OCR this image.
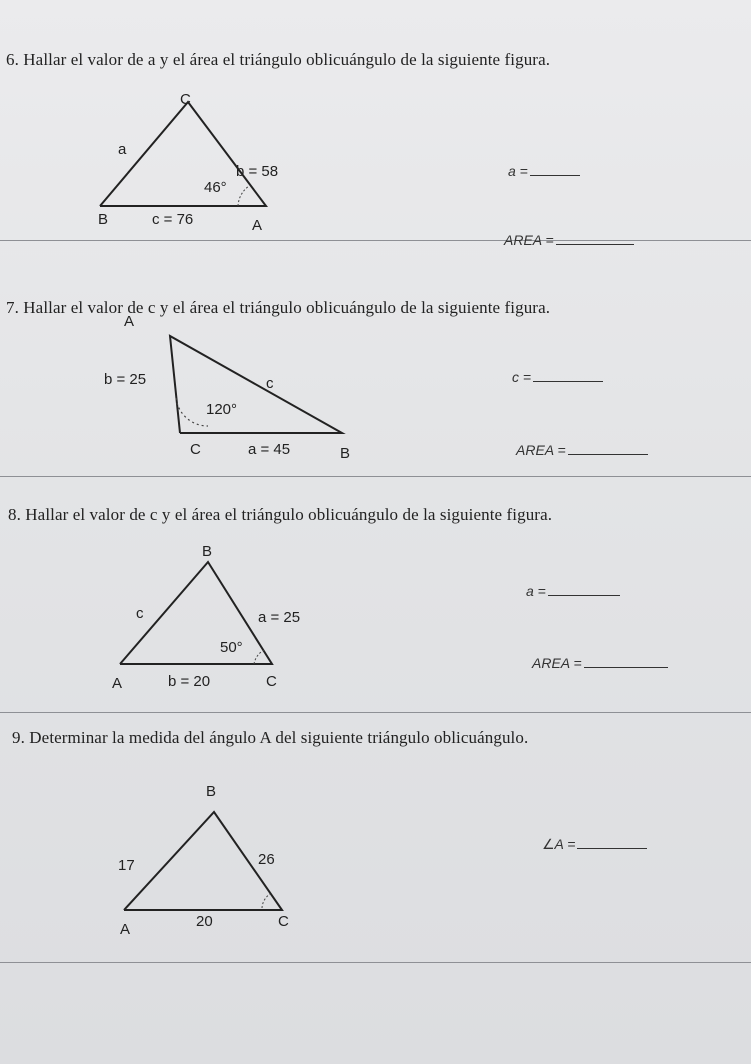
6. Hallar el valor de a y el área el triángulo oblicuángulo de la siguiente figura.
C
a
b = 58
46°
c = 76
B	A
a =
AREA =
7. Hallar el valor de c y el área el triángulo oblicuángulo de la siguiente figura.
A
b = 25	c
120°
a = 45
C	B
c =
AREA =
8. Hallar el valor de c y el área el triángulo oblicuángulo de la siguiente figura.
B
c	a = 25
50°
b = 20
A	C
a =
AREA =
9. Determinar la medida del ángulo A del siguiente triángulo oblicuángulo.
B
17	26
20
A	C
∠A =
